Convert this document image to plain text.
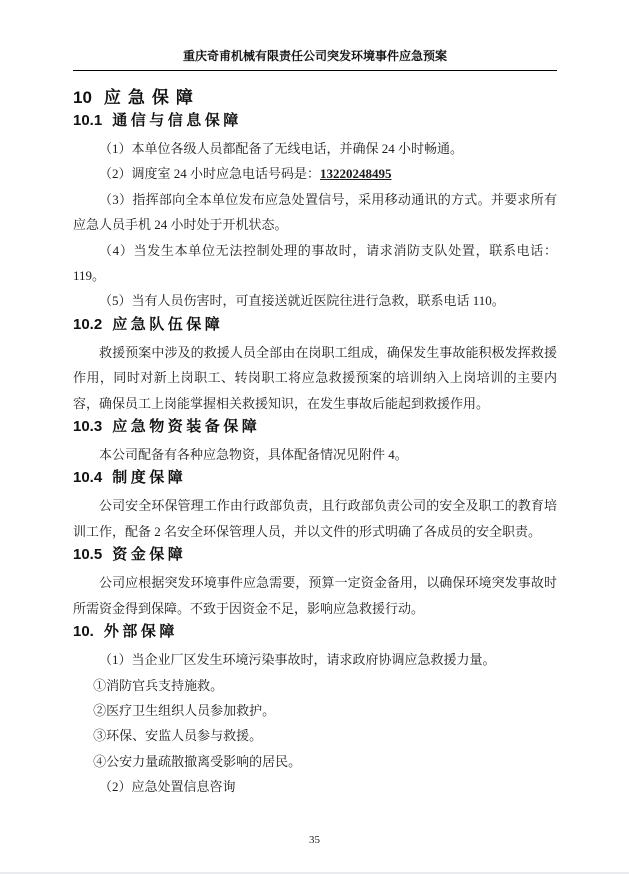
重庆奇甫机械有限责任公司突发环境事件应急预案
10 应急保障
10.1 通信与信息保障

（1）本单位各级人员都配备了无线电话，并确保 24 小时畅通。

（2）调度室 24 小时应急电话号码是：13220248495

（3）指挥部向全本单位发布应急处置信号，采用移动通讯的方式。并要求所有应急人员手机 24 小时处于开机状态。

（4）当发生本单位无法控制处理的事故时，请求消防支队处置，联系电话：119。

（5）当有人员伤害时，可直接送就近医院往进行急救，联系电话 110。

10.2 应急队伍保障

救援预案中涉及的救援人员全部由在岗职工组成，确保发生事故能积极发挥救援作用，同时对新上岗职工、转岗职工将应急救援预案的培训纳入上岗培训的主要内容，确保员工上岗能掌握相关救援知识，在发生事故后能起到救援作用。

10.3 应急物资装备保障

本公司配备有各种应急物资，具体配备情况见附件 4。

10.4 制度保障

公司安全环保管理工作由行政部负责，且行政部负责公司的安全及职工的教育培训工作，配备 2 名安全环保管理人员，并以文件的形式明确了各成员的安全职责。

10.5 资金保障

公司应根据突发环境事件应急需要，预算一定资金备用，以确保环境突发事故时所需资金得到保障。不致于因资金不足，影响应急救援行动。

10. 外部保障

（1）当企业厂区发生环境污染事故时，请求政府协调应急救援力量。

①消防官兵支持施救。

②医疗卫生组织人员参加救护。

③环保、安监人员参与救援。

④公安力量疏散撤离受影响的居民。

（2）应急处置信息咨询

35
